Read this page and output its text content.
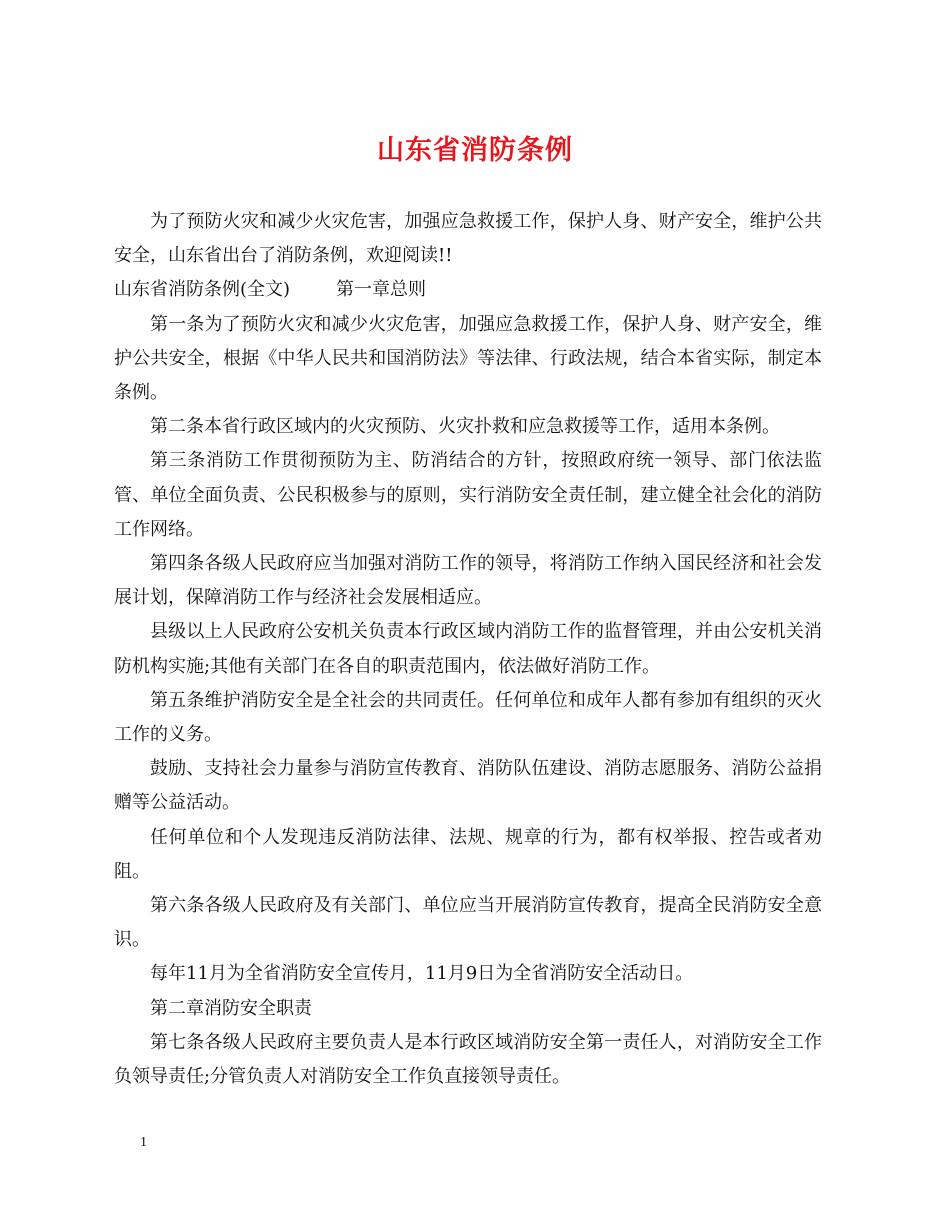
山东省消防条例

为了预防火灾和减少火灾危害，加强应急救援工作，保护人身、财产安全，维护公共安全，山东省出台了消防条例，欢迎阅读!!

山东省消防条例(全文)	第一章总则

第一条为了预防火灾和减少火灾危害，加强应急救援工作，保护人身、财产安全，维护公共安全，根据《中华人民共和国消防法》等法律、行政法规，结合本省实际，制定本条例。

第二条本省行政区域内的火灾预防、火灾扑救和应急救援等工作，适用本条例。

第三条消防工作贯彻预防为主、防消结合的方针，按照政府统一领导、部门依法监管、单位全面负责、公民积极参与的原则，实行消防安全责任制，建立健全社会化的消防工作网络。

第四条各级人民政府应当加强对消防工作的领导，将消防工作纳入国民经济和社会发展计划，保障消防工作与经济社会发展相适应。

县级以上人民政府公安机关负责本行政区域内消防工作的监督管理，并由公安机关消防机构实施;其他有关部门在各自的职责范围内，依法做好消防工作。

第五条维护消防安全是全社会的共同责任。任何单位和成年人都有参加有组织的灭火工作的义务。

鼓励、支持社会力量参与消防宣传教育、消防队伍建设、消防志愿服务、消防公益捐赠等公益活动。

任何单位和个人发现违反消防法律、法规、规章的行为，都有权举报、控告或者劝阻。

第六条各级人民政府及有关部门、单位应当开展消防宣传教育，提高全民消防安全意识。

每年11月为全省消防安全宣传月，11月9日为全省消防安全活动日。

第二章消防安全职责

第七条各级人民政府主要负责人是本行政区域消防安全第一责任人，对消防安全工作负领导责任;分管负责人对消防安全工作负直接领导责任。

1
